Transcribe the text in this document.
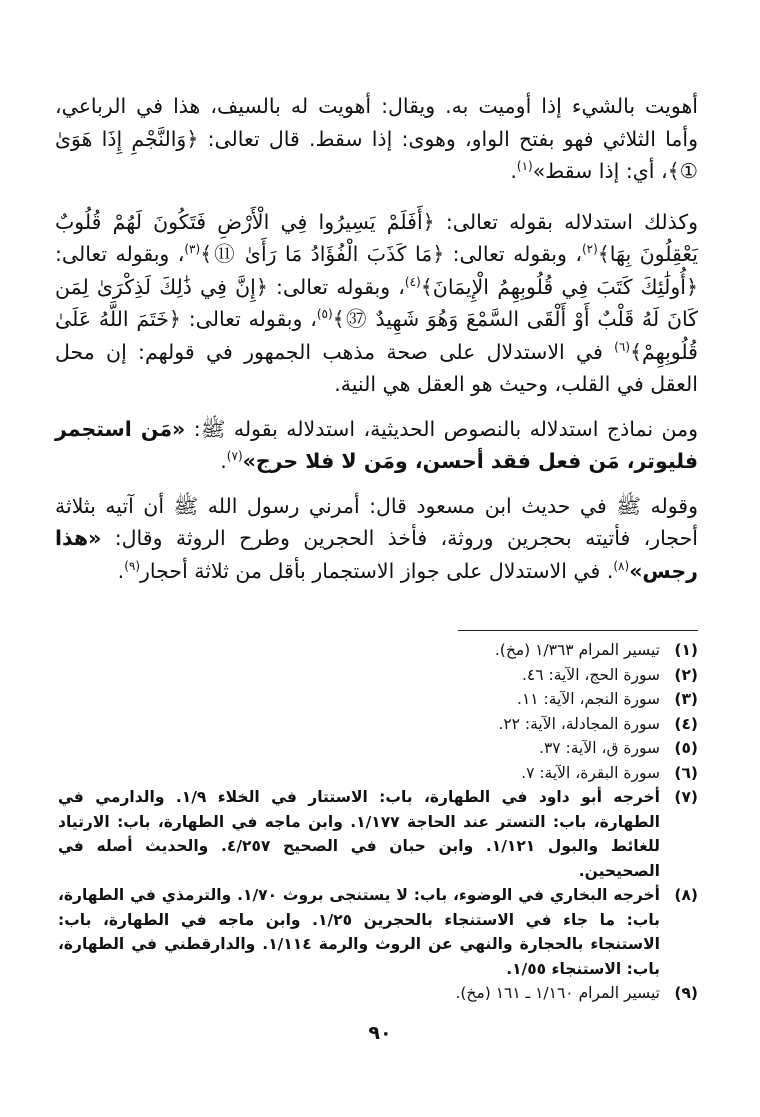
أهويت بالشيء إذا أوميت به. ويقال: أهويت له بالسيف، هذا في الرباعي، وأما الثلاثي فهو بفتح الواو، وهوى: إذا سقط. قال تعالى: ﴿وَالنَّجْمِ إِذَا هَوَىٰ ①﴾، أي: إذا سقط»$^{(١)}$.

وكذلك استدلاله بقوله تعالى: ﴿أَفَلَمْ يَسِيرُوا فِي الْأَرْضِ فَتَكُونَ لَهُمْ قُلُوبٌ يَعْقِلُونَ بِهَا﴾$^{(٢)}$، وبقوله تعالى: ﴿مَا كَذَبَ الْفُؤَادُ مَا رَأَىٰ ⑪﴾$^{(٣)}$، وبقوله تعالى: ﴿أُولَٰئِكَ كَتَبَ فِي قُلُوبِهِمُ الْإِيمَانَ﴾$^{(٤)}$، وبقوله تعالى: ﴿إِنَّ فِي ذَٰلِكَ لَذِكْرَىٰ لِمَن كَانَ لَهُ قَلْبٌ أَوْ أَلْقَى السَّمْعَ وَهُوَ شَهِيدٌ ㊲﴾$^{(٥)}$، وبقوله تعالى: ﴿خَتَمَ اللَّهُ عَلَىٰ قُلُوبِهِمْ﴾$^{(٦)}$ في الاستدلال على صحة مذهب الجمهور في قولهم: إن محل العقل في القلب، وحيث هو العقل هي النية.

ومن نماذج استدلاله بالنصوص الحديثية، استدلاله بقوله ﷺ: «مَن استجمر فليوتر، مَن فعل فقد أحسن، ومَن لا فلا حرج»$^{(٧)}$.

وقوله ﷺ في حديث ابن مسعود قال: أمرني رسول الله ﷺ أن آتيه بثلاثة أحجار، فأتيته بحجرين وروثة، فأخذ الحجرين وطرح الروثة وقال: «هذا رجس»$^{(٨)}$. في الاستدلال على جواز الاستجمار بأقل من ثلاثة أحجار$^{(٩)}$.

(١)
تيسير المرام ١/٣٦٣ (مخ).
(٢)
سورة الحج، الآية: ٤٦.
(٣)
سورة النجم، الآية: ١١.
(٤)
سورة المجادلة، الآية: ٢٢.
(٥)
سورة ق، الآية: ٣٧.
(٦)
سورة البقرة، الآية: ٧.
(٧)
أخرجه أبو داود في الطهارة، باب: الاستتار في الخلاء ١/٩. والدارمي في الطهارة، باب: التستر عند الحاجة ١/١٧٧. وابن ماجه في الطهارة، باب: الارتياد للغائط والبول ١/١٢١. وابن حبان في الصحيح ٤/٢٥٧. والحديث أصله في الصحيحين.
(٨)
أخرجه البخاري في الوضوء، باب: لا يستنجى بروث ١/٧٠. والترمذي في الطهارة، باب: ما جاء في الاستنجاء بالحجرين ١/٢٥. وابن ماجه في الطهارة، باب: الاستنجاء بالحجارة والنهي عن الروث والرمة ١/١١٤. والدارقطني في الطهارة، باب: الاستنجاء ١/٥٥.
(٩)
تيسير المرام ١/١٦٠ ـ ١٦١ (مخ).
٩٠
